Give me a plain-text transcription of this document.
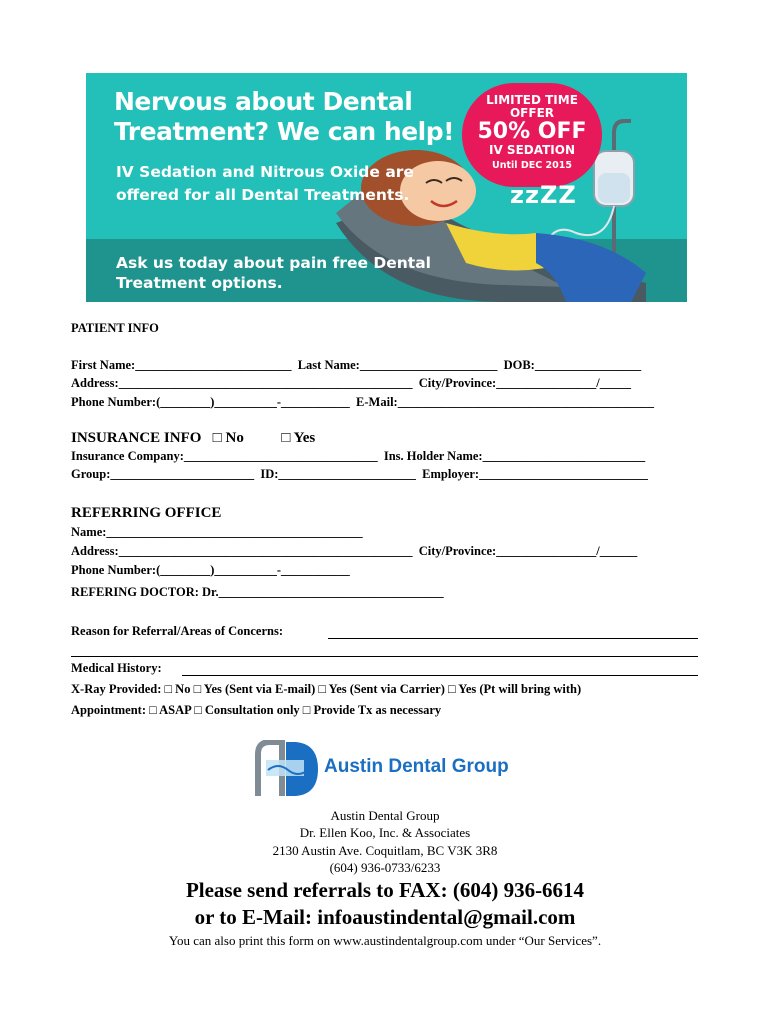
Nervous about Dental Treatment? We can help!

IV Sedation and Nitrous Oxide are offered for all Dental Treatments.

Ask us today about pain free Dental Treatment options.

LIMITED TIME OFFER
50% OFF
IV SEDATION
Until DEC 2015
zzZZ
PATIENT INFO
First Name:_________________________  Last Name:______________________  DOB:_________________
Address:_______________________________________________  City/Province:________________/_____
Phone Number:(________)__________-___________  E-Mail:_________________________________________
INSURANCE INFO   □ No          □ Yes
Insurance Company:_______________________________  Ins. Holder Name:__________________________
Group:_______________________  ID:______________________  Employer:___________________________
REFERRING OFFICE
Name:_________________________________________
Address:_______________________________________________  City/Province:________________/______
Phone Number:(________)__________-___________
REFERING DOCTOR: Dr.____________________________________
Reason for Referral/Areas of Concerns:
Medical History:
X-Ray Provided: □ No □ Yes (Sent via E-mail) □ Yes (Sent via Carrier) □ Yes (Pt will bring with)
Appointment: □ ASAP □ Consultation only □ Provide Tx as necessary
Austin Dental Group
Austin Dental Group
Dr. Ellen Koo, Inc. & Associates
2130 Austin Ave. Coquitlam, BC V3K 3R8
(604) 936-0733/6233
Please send referrals to FAX: (604) 936-6614
or to E-Mail: infoaustindental@gmail.com
You can also print this form on www.austindentalgroup.com under “Our Services”.
